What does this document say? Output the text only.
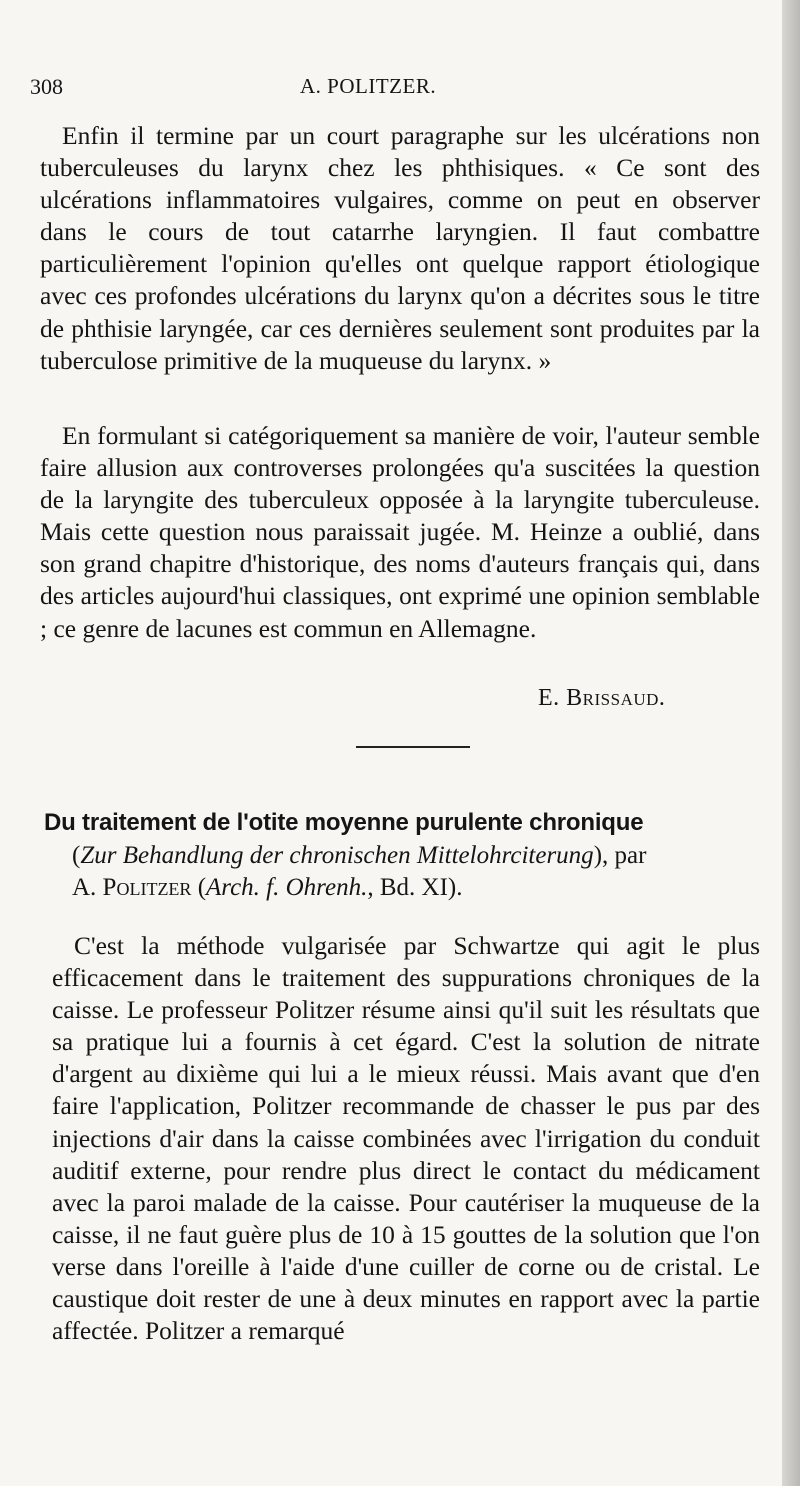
308	A. POLITZER.

Enfin il termine par un court paragraphe sur les ulcérations non tuberculeuses du larynx chez les phthisiques. « Ce sont des ulcérations inflammatoires vulgaires, comme on peut en observer dans le cours de tout catarrhe laryngien. Il faut combattre particulièrement l'opinion qu'elles ont quelque rapport étiologique avec ces profondes ulcérations du larynx qu'on a décrites sous le titre de phthisie laryngée, car ces dernières seulement sont produites par la tuberculose primitive de la muqueuse du larynx. »

En formulant si catégoriquement sa manière de voir, l'auteur semble faire allusion aux controverses prolongées qu'a suscitées la question de la laryngite des tuberculeux opposée à la laryngite tuberculeuse. Mais cette question nous paraissait jugée. M. Heinze a oublié, dans son grand chapitre d'historique, des noms d'auteurs français qui, dans des articles aujourd'hui classiques, ont exprimé une opinion semblable ; ce genre de lacunes est commun en Allemagne.

E. Brissaud.
Du traitement de l'otite moyenne purulente chronique
(Zur Behandlung der chronischen Mittelohrciterung), par
A. Politzer (Arch. f. Ohrenh., Bd. XI).

C'est la méthode vulgarisée par Schwartze qui agit le plus efficacement dans le traitement des suppurations chroniques de la caisse. Le professeur Politzer résume ainsi qu'il suit les résultats que sa pratique lui a fournis à cet égard. C'est la solution de nitrate d'argent au dixième qui lui a le mieux réussi. Mais avant que d'en faire l'application, Politzer recommande de chasser le pus par des injections d'air dans la caisse combinées avec l'irrigation du conduit auditif externe, pour rendre plus direct le contact du médicament avec la paroi malade de la caisse. Pour cautériser la muqueuse de la caisse, il ne faut guère plus de 10 à 15 gouttes de la solution que l'on verse dans l'oreille à l'aide d'une cuiller de corne ou de cristal. Le caustique doit rester de une à deux minutes en rapport avec la partie affectée. Politzer a remarqué
